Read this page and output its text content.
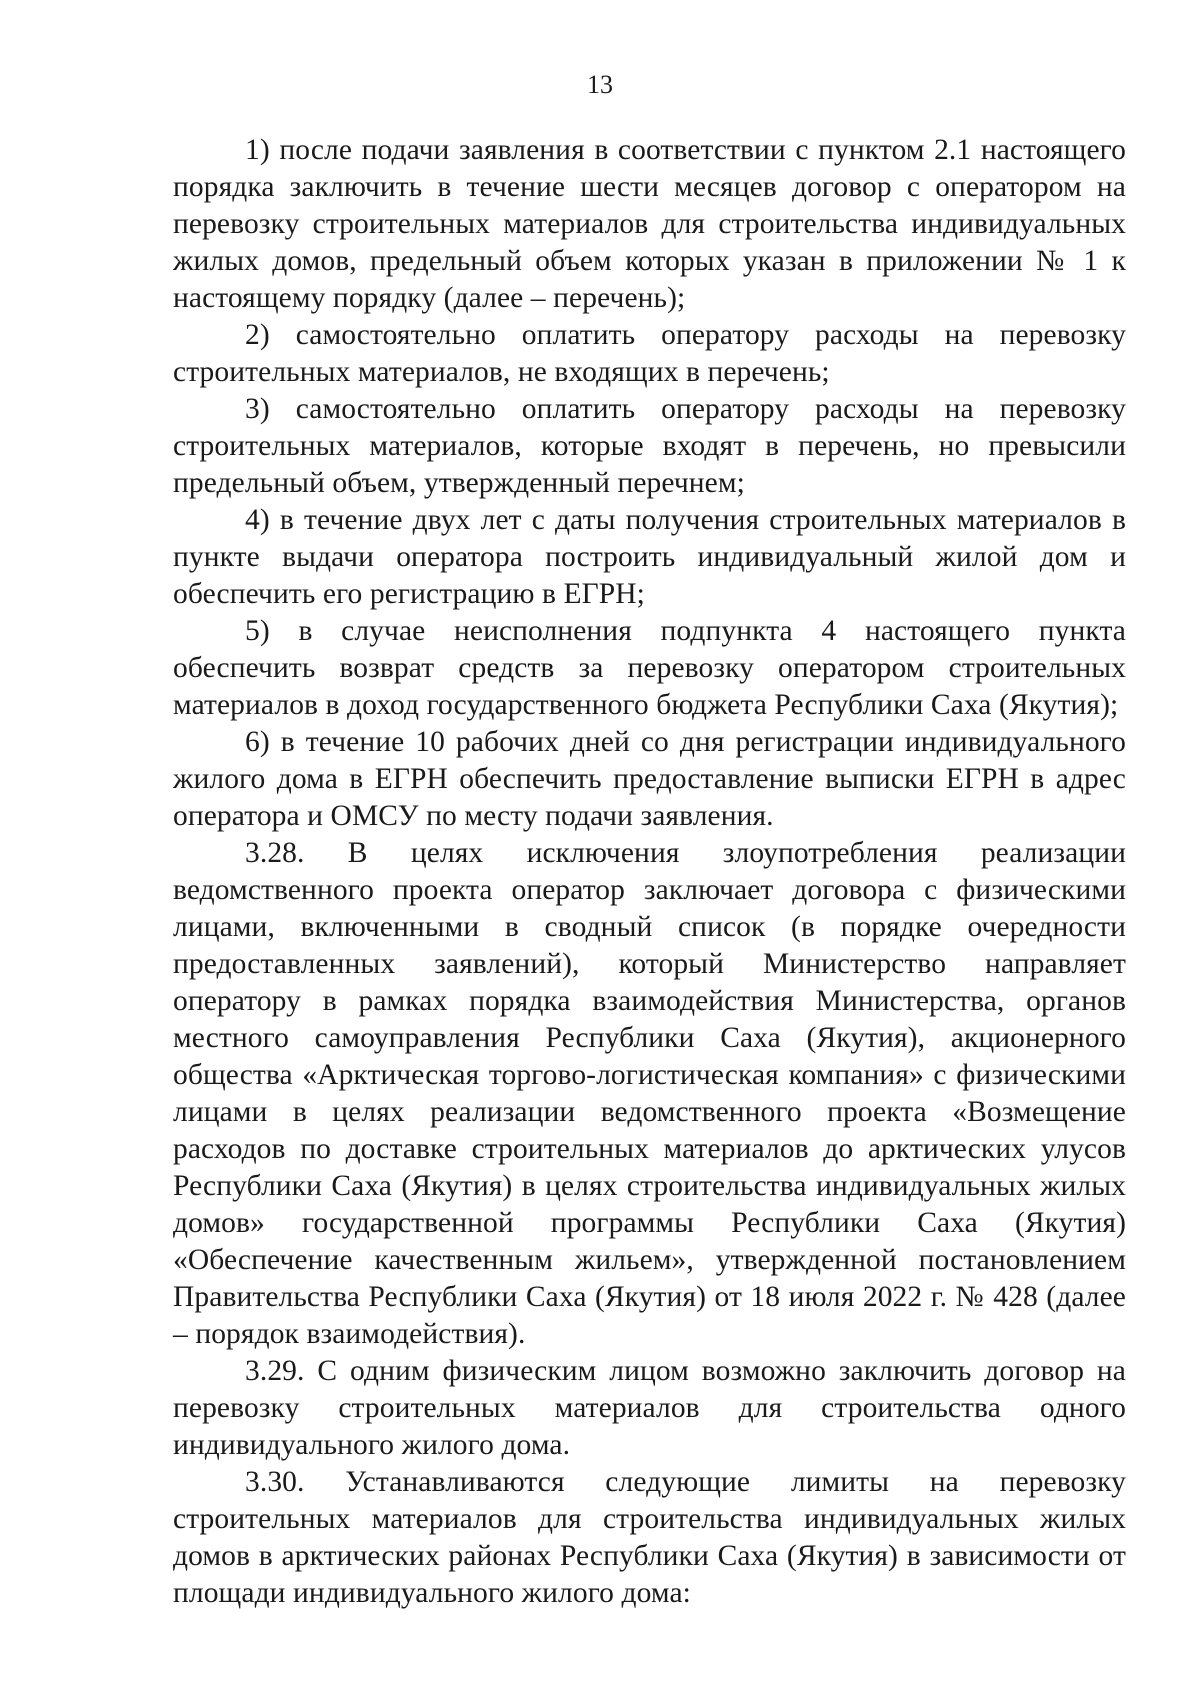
13

1) после подачи заявления в соответствии с пунктом 2.1 настоящего порядка заключить в течение шести месяцев договор с оператором на перевозку строительных материалов для строительства индивидуальных жилых домов, предельный объем которых указан в приложении № 1 к настоящему порядку (далее – перечень);

2) самостоятельно оплатить оператору расходы на перевозку строительных материалов, не входящих в перечень;

3) самостоятельно оплатить оператору расходы на перевозку строительных материалов, которые входят в перечень, но превысили предельный объем, утвержденный перечнем;

4) в течение двух лет с даты получения строительных материалов в пункте выдачи оператора построить индивидуальный жилой дом и обеспечить его регистрацию в ЕГРН;

5) в случае неисполнения подпункта 4 настоящего пункта обеспечить возврат средств за перевозку оператором строительных материалов в доход государственного бюджета Республики Саха (Якутия);

6) в течение 10 рабочих дней со дня регистрации индивидуального жилого дома в ЕГРН обеспечить предоставление выписки ЕГРН в адрес оператора и ОМСУ по месту подачи заявления.

3.28. В целях исключения злоупотребления реализации ведомственного проекта оператор заключает договора с физическими лицами, включенными в сводный список (в порядке очередности предоставленных заявлений), который Министерство направляет оператору в рамках порядка взаимодействия Министерства, органов местного самоуправления Республики Саха (Якутия), акционерного общества «Арктическая торгово-логистическая компания» с физическими лицами в целях реализации ведомственного проекта «Возмещение расходов по доставке строительных материалов до арктических улусов Республики Саха (Якутия) в целях строительства индивидуальных жилых домов» государственной программы Республики Саха (Якутия) «Обеспечение качественным жильем», утвержденной постановлением Правительства Республики Саха (Якутия) от 18 июля 2022 г. № 428 (далее – порядок взаимодействия).

3.29. С одним физическим лицом возможно заключить договор на перевозку строительных материалов для строительства одного индивидуального жилого дома.

3.30. Устанавливаются следующие лимиты на перевозку строительных материалов для строительства индивидуальных жилых домов в арктических районах Республики Саха (Якутия) в зависимости от площади индивидуального жилого дома:
